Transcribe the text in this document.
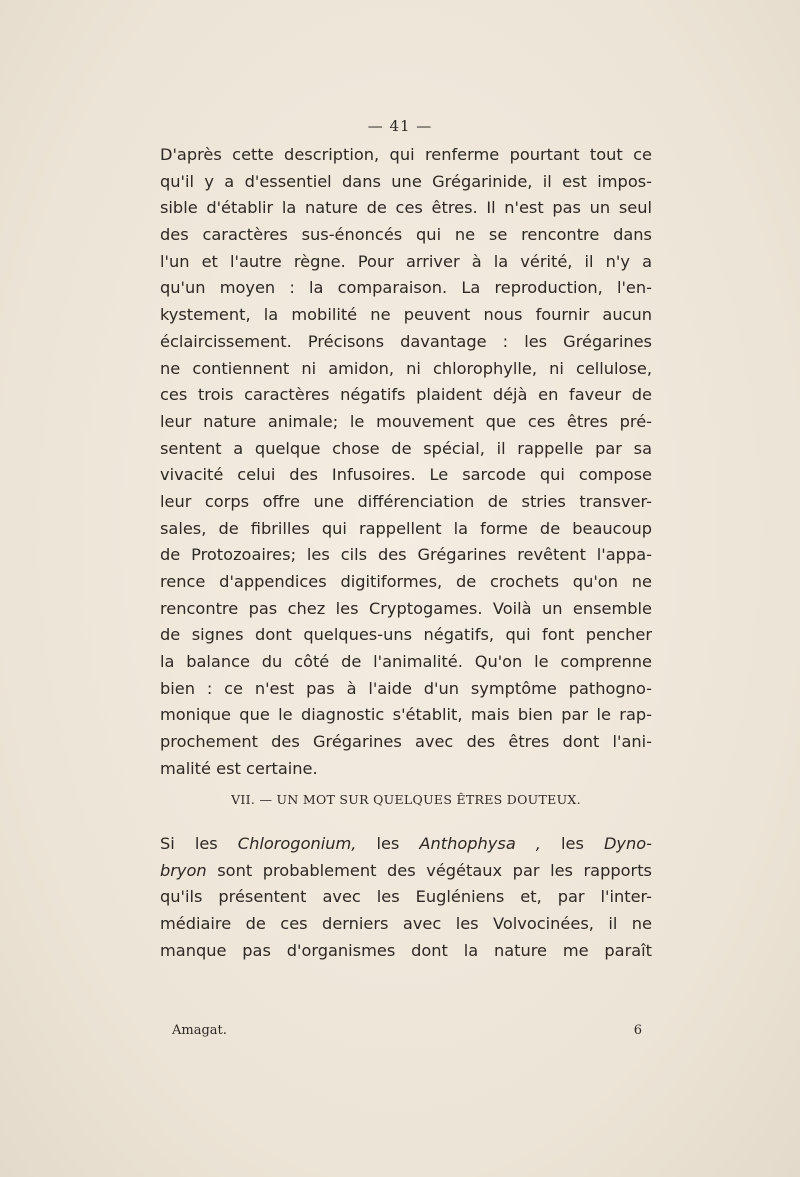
— 41 —
D'après cette description, qui renferme pourtant tout ce
qu'il y a d'essentiel dans une Grégarinide, il est impos-
sible d'établir la nature de ces êtres. Il n'est pas un seul
des caractères sus-énoncés qui ne se rencontre dans
l'un et l'autre règne. Pour arriver à la vérité, il n'y a
qu'un moyen : la comparaison. La reproduction, l'en-
kystement, la mobilité ne peuvent nous fournir aucun
éclaircissement. Précisons davantage : les Grégarines
ne contiennent ni amidon, ni chlorophylle, ni cellulose,
ces trois caractères négatifs plaident déjà en faveur de
leur nature animale; le mouvement que ces êtres pré-
sentent a quelque chose de spécial, il rappelle par sa
vivacité celui des Infusoires. Le sarcode qui compose
leur corps offre une différenciation de stries transver-
sales, de fibrilles qui rappellent la forme de beaucoup
de Protozoaires; les cils des Grégarines revêtent l'appa-
rence d'appendices digitiformes, de crochets qu'on ne
rencontre pas chez les Cryptogames. Voilà un ensemble
de signes dont quelques-uns négatifs, qui font pencher
la balance du côté de l'animalité. Qu'on le comprenne
bien : ce n'est pas à l'aide d'un symptôme pathogno-
monique que le diagnostic s'établit, mais bien par le rap-
prochement des Grégarines avec des êtres dont l'ani-
malité est certaine.
VII. — UN MOT SUR QUELQUES ÊTRES DOUTEUX.
Si les Chlorogonium, les Anthophysa , les Dyno-
bryon sont probablement des végétaux par les rapports
qu'ils présentent avec les Eugléniens et, par l'inter-
médiaire de ces derniers avec les Volvocinées, il ne
manque pas d'organismes dont la nature me paraît
Amagat.	6
